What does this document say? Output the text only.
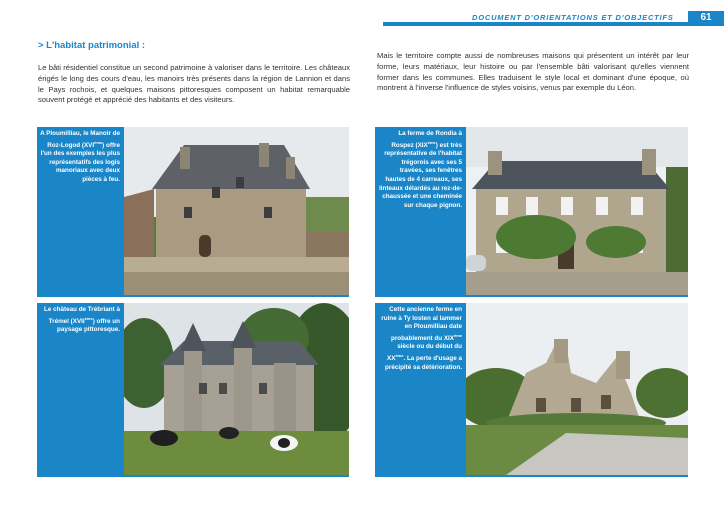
DOCUMENT D'ORIENTATIONS ET D'OBJECTIFS	61
> L'habitat patrimonial :

Le bâti résidentiel constitue un second patrimoine à valoriser dans le territoire. Les châteaux érigés le long des cours d'eau, les manoirs très présents dans la région de Lannion et dans le Pays rochois, et quelques maisons pittoresques composent un habitat remarquable souvent protégé et apprécié des habitants et des visiteurs.

Mais le territoire compte aussi de nombreuses maisons qui présentent un intérêt par leur forme, leurs matériaux, leur histoire ou par l'ensemble bâti valorisant qu'elles viennent former dans les communes. Elles traduisent le style local et dominant d'une époque, où montrent à l'inverse l'influence de styles voisins, venus par exemple du Léon.

A Ploumilliau, le Manoir de Roz-Logod (XVIème) offre l'un des exemples les plus représentatifs des logis manoriaux avec deux pièces à feu.
La ferme de Rondia à Rospez (XIXème) est très représentative de l'habitat trégorois avec ses 5 travées, ses fenêtres hautes de 4 carreaux, ses linteaux délardés au rez-de-chaussée et une cheminée sur chaque pignon.
Le château de Trébriant à Trémel (XVIIème) offre un paysage pittoresque.
Cette ancienne ferme en ruine à Ty losten al lammer en Ploumilliau date probablement du XIXème siècle ou du début du XXème. La perte d'usage a précipité sa détérioration.
